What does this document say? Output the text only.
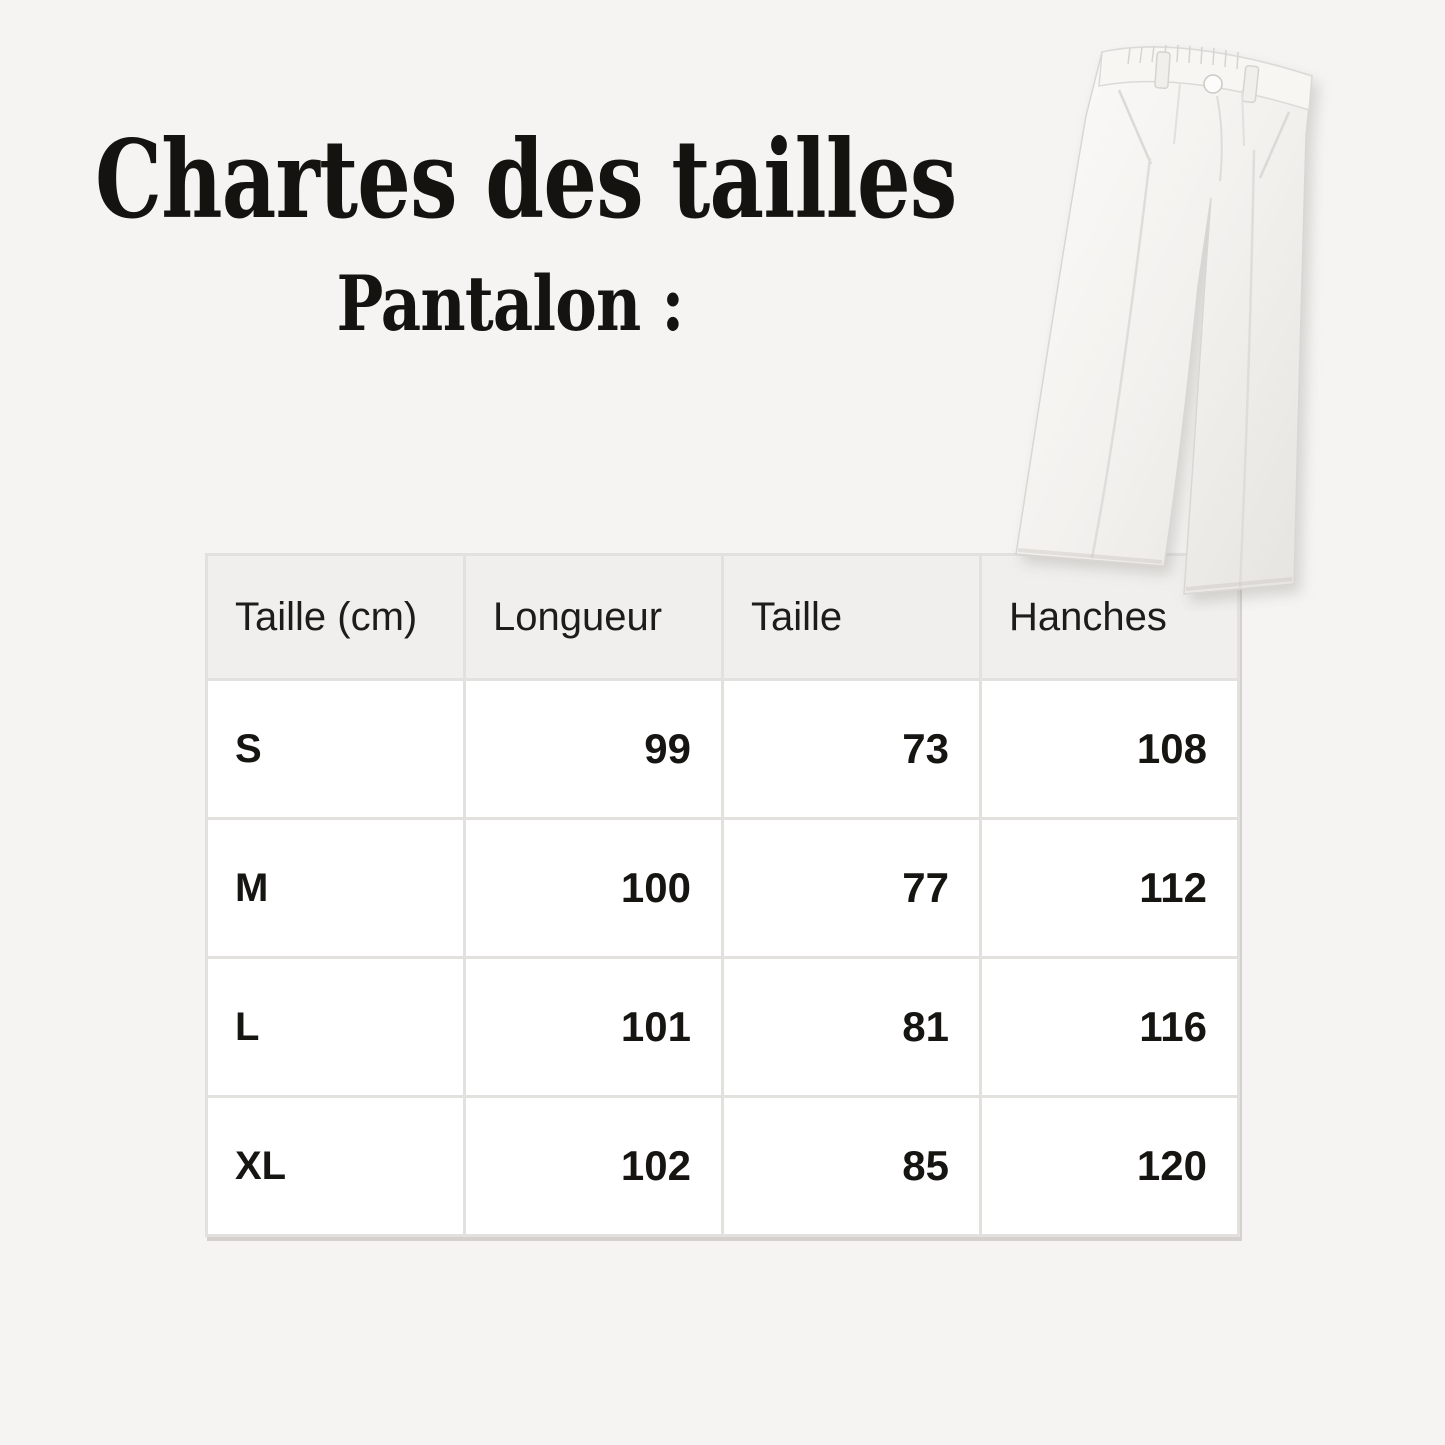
Chartes des tailles
Pantalon :
Taille (cm)	Longueur	Taille	Hanches
S	99	73	108
M	100	77	112
L	101	81	116
XL	102	85	120
